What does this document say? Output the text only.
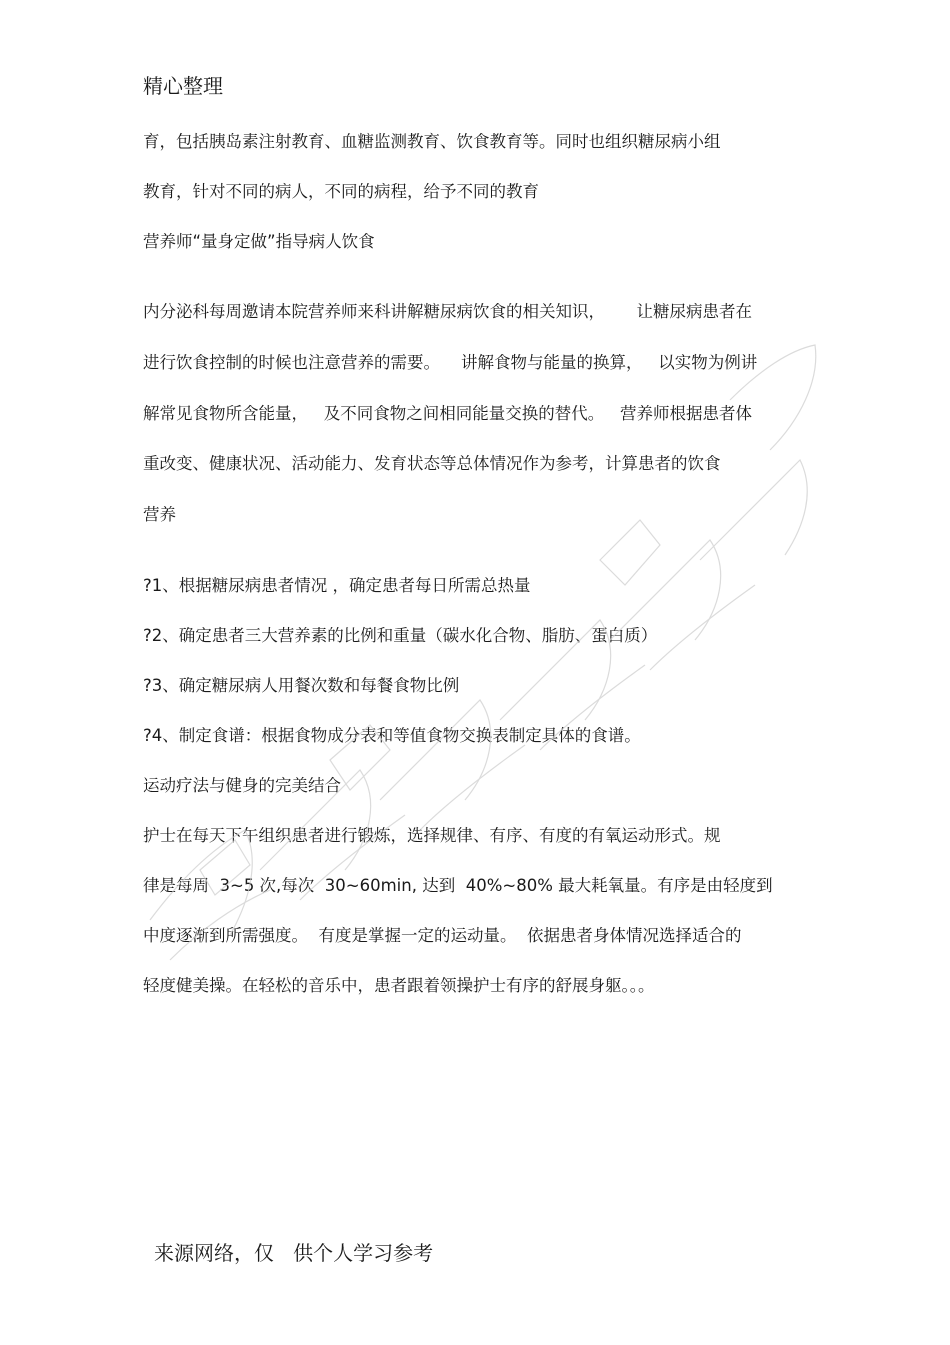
精心整理
育，包括胰岛素注射教育、血糖监测教育、饮食教育等。同时也组织糖尿病小组
教育，针对不同的病人，不同的病程，给予不同的教育
营养师“量身定做”指导病人饮食
内分泌科每周邀请本院营养师来科讲解糖尿病饮食的相关知识，      让糖尿病患者在
进行饮食控制的时候也注意营养的需要。    讲解食物与能量的换算，   以实物为例讲
解常见食物所含能量，   及不同食物之间相同能量交换的替代。   营养师根据患者体
重改变、健康状况、活动能力、发育状态等总体情况作为参考，计算患者的饮食
营养
?1、根据糖尿病患者情况 ，确定患者每日所需总热量
?2、确定患者三大营养素的比例和重量（碳水化合物、脂肪、蛋白质）
?3、确定糖尿病人用餐次数和每餐食物比例
?4、制定食谱：根据食物成分表和等值食物交换表制定具体的食谱。
运动疗法与健身的完美结合
护士在每天下午组织患者进行锻炼，选择规律、有序、有度的有氧运动形式。规
律是每周  3~5 次,每次  30~60min, 达到  40%~80% 最大耗氧量。有序是由轻度到
中度逐渐到所需强度。  有度是掌握一定的运动量。  依据患者身体情况选择适合的
轻度健美操。在轻松的音乐中，患者跟着领操护士有序的舒展身躯。。。
来源网络，仅   供个人学习参考
